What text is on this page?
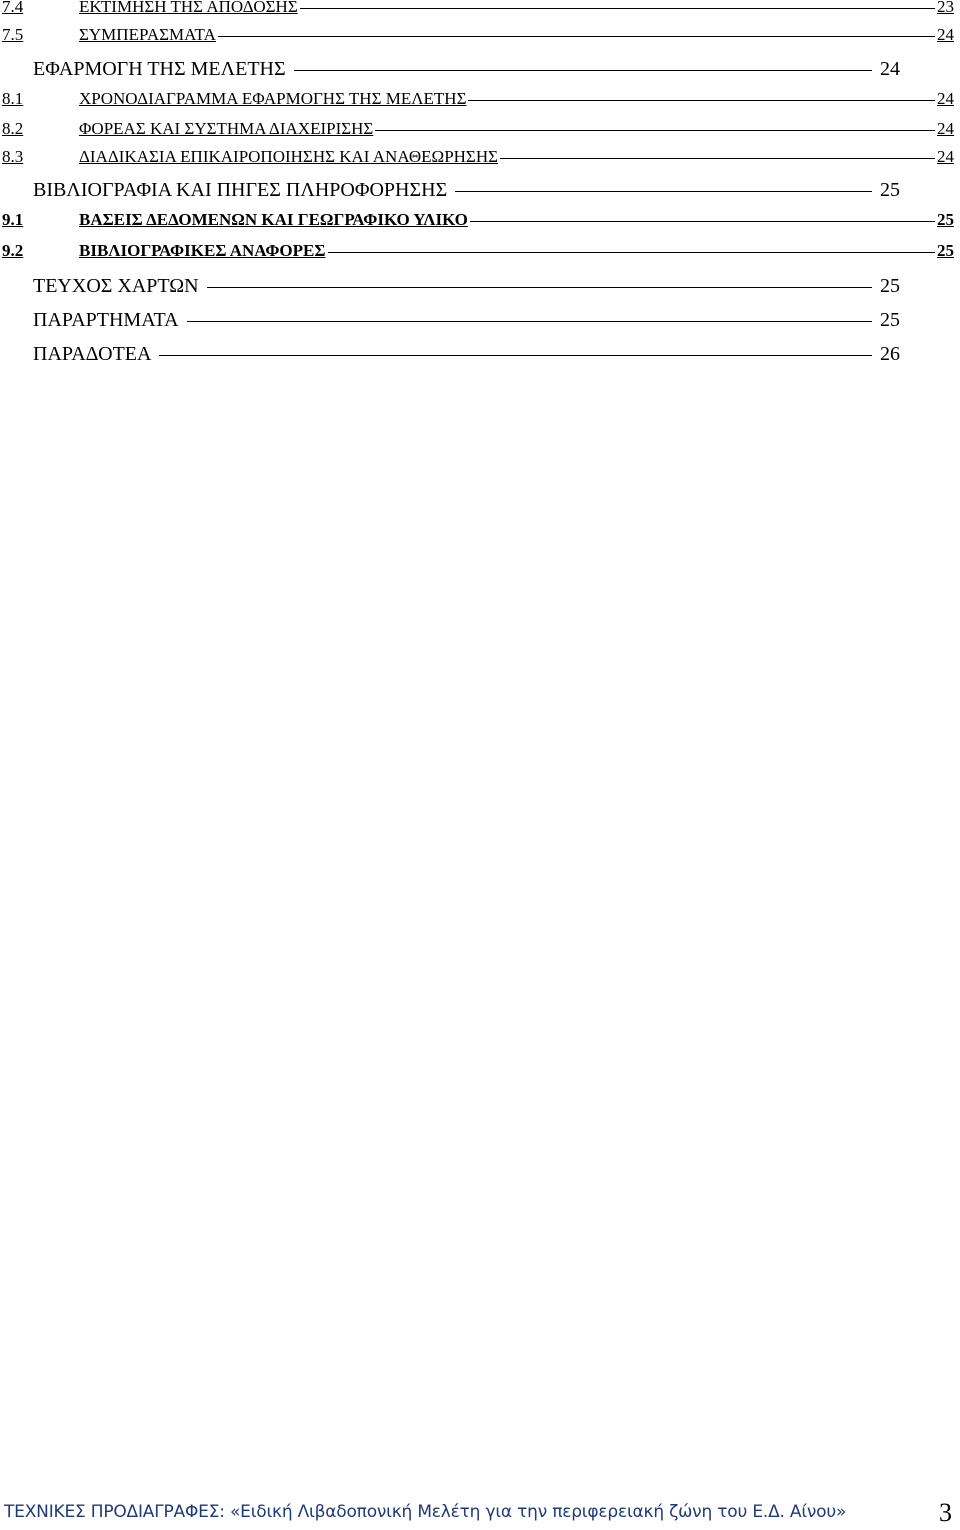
7.4	ΕΚΤΙΜΗΣΗ ΤΗΣ ΑΠΟΔΟΣΗΣ	23
7.5	ΣΥΜΠΕΡΑΣΜΑΤΑ	24
ΕΦΑΡΜΟΓΗ ΤΗΣ ΜΕΛΕΤΗΣ	24
8.1	ΧΡΟΝΟΔΙΑΓΡΑΜΜΑ ΕΦΑΡΜΟΓΗΣ ΤΗΣ ΜΕΛΕΤΗΣ	24
8.2	ΦΟΡΕΑΣ ΚΑΙ ΣΥΣΤΗΜΑ ΔΙΑΧΕΙΡΙΣΗΣ	24
8.3	ΔΙΑΔΙΚΑΣΙΑ ΕΠΙΚΑΙΡΟΠΟΙΗΣΗΣ ΚΑΙ ΑΝΑΘΕΩΡΗΣΗΣ	24
ΒΙΒΛΙΟΓΡΑΦΙΑ ΚΑΙ ΠΗΓΕΣ ΠΛΗΡΟΦΟΡΗΣΗΣ	25
9.1	ΒΑΣΕΙΣ ΔΕΔΟΜΕΝΩΝ ΚΑΙ ΓΕΩΓΡΑΦΙΚΟ ΥΛΙΚΟ	25
9.2	ΒΙΒΛΙΟΓΡΑΦΙΚΕΣ ΑΝΑΦΟΡΕΣ	25
ΤΕΥΧΟΣ ΧΑΡΤΩΝ	25
ΠΑΡΑΡΤΗΜΑΤΑ	25
ΠΑΡΑΔΟΤΕΑ	26
ΤΕΧΝΙΚΕΣ ΠΡΟΔΙΑΓΡΑΦΕΣ: «Ειδική Λιβαδοπονική Μελέτη για την περιφερειακή ζώνη του Ε.Δ. Αίνου»	3
